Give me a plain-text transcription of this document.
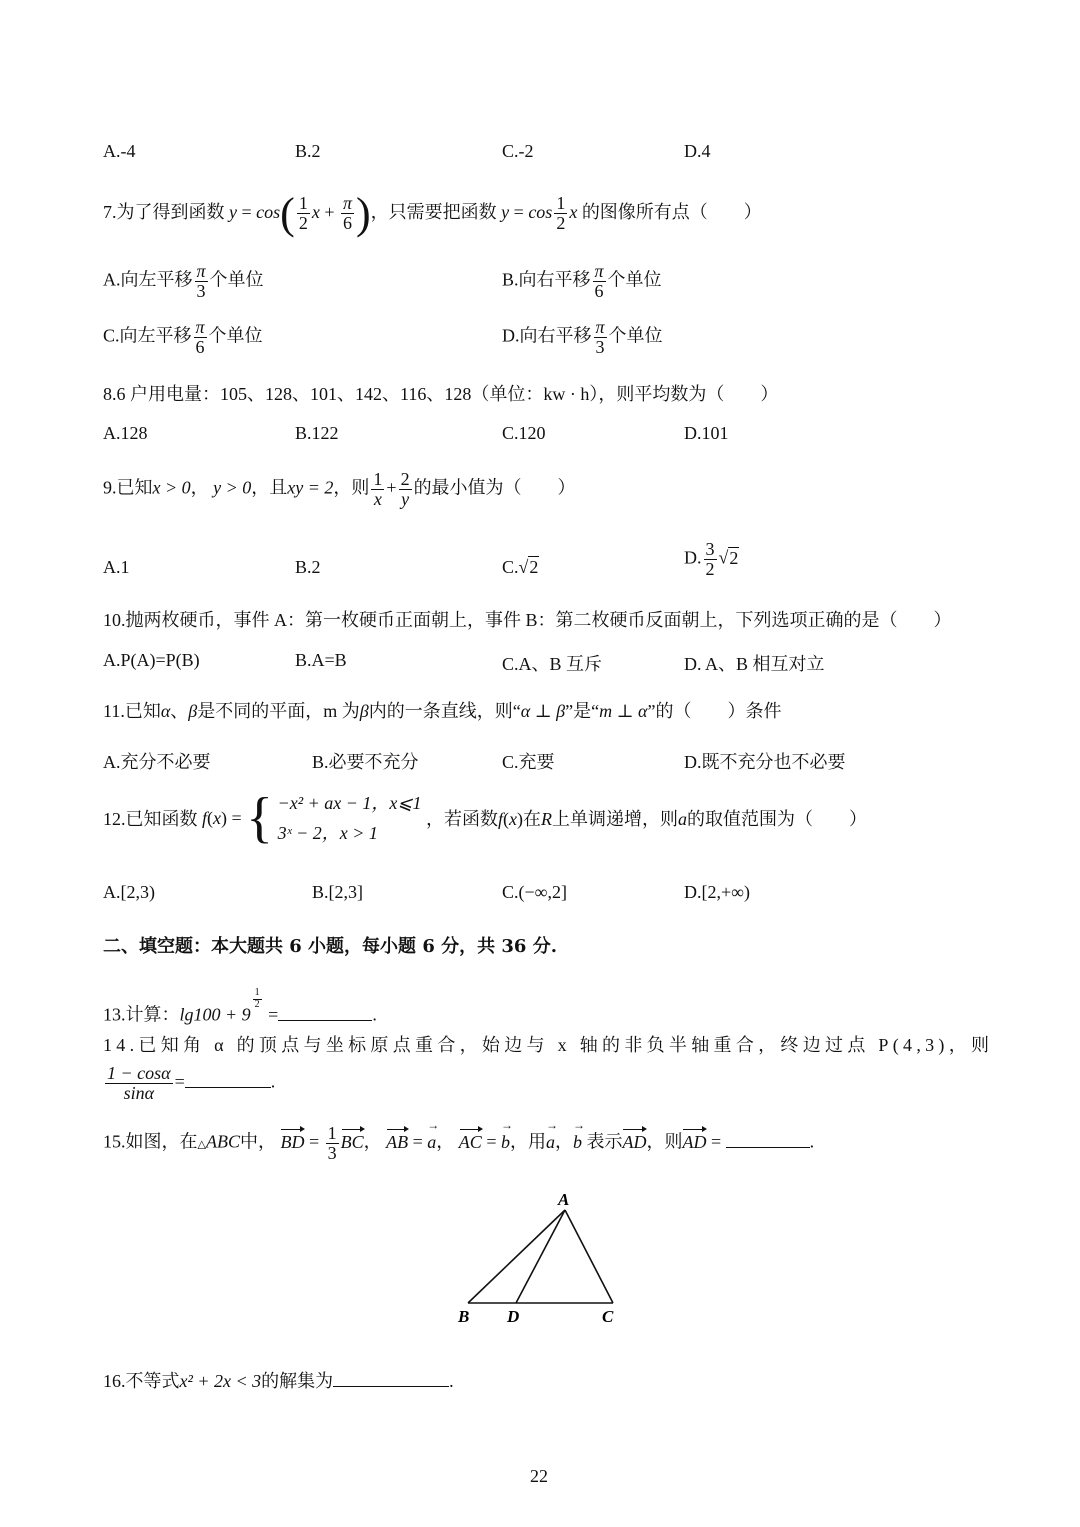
A.-4	B.2	C.-2	D.4
7.为了得到函数 $y = \cos( \frac{1}{2}$ $x + \frac{\pi}{6}$ )，只需要把函数 $y = \cos \frac{1}{2}$ x 的图像所有点（　　）
A.向左平移 $\frac{\pi}{3}$ 个单位	B.向右平移 $\frac{\pi}{6}$ 个单位
C.向左平移 $\frac{\pi}{6}$ 个单位	D.向右平移 $\frac{\pi}{3}$ 个单位
8.6 户用电量：105、128、101、142、116、128（单位：kw · h），则平均数为（　　）
A.128	B.122	C.120	D.101
9.已知x > 0， y > 0，且xy = 2，则 $\frac{1}{x} + \frac{2}{y}$ 的最小值为（　　）
A.1	B.2	C.√2	D. $\frac{3}{2} √2$
10.抛两枚硬币，事件 A：第一枚硬币正面朝上，事件 B：第二枚硬币反面朝上，下列选项正确的是（　　）
A.P(A)=P(B)	B.A=B	C.A、B 互斥	D. A、B 相互对立
11.已知α、β是不同的平面，m 为β内的一条直线，则“α ⊥ β”是“m ⊥ α”的（　　）条件
A.充分不必要	B.必要不充分	C.充要	D.既不充分也不必要
12.已知函数 f(x) = { −x² + ax − 1，x⩽1
3ˣ − 2，x > 1
，若函数f(x)在R上单调递增，则a的取值范围为（　　）
A.[2,3)	B.[2,3]	C.(−∞,2]	D.[2,+∞)
二、填空题：本大题共 6 小题，每小题 6 分，共 36 分.
13.计算：lg100 + 9
$\frac{1}{2}$
=	.
14.已知角 α 的顶点与坐标原点重合，始边与 x 轴的非负半轴重合，终边过点 P(4,3)，则
$\frac{1 - \cos\alpha}{\sin\alpha}$ =	.
15.如图，在△ABC中， BD = $\frac{1}{3}$ BC， AB = → a， AC = → b，用→ a，→ b 表示AD，则AD =	.
A
B D	C
16.不等式x² + 2x < 3的解集为	.
22
